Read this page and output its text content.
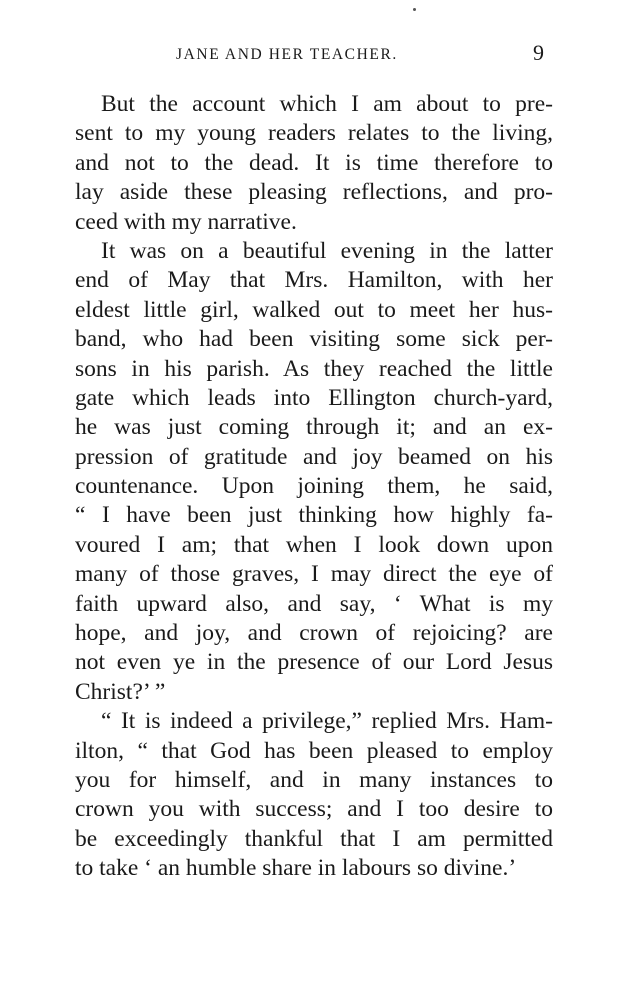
JANE AND HER TEACHER.	9
But the account which I am about to pre-
sent to my young readers relates to the living,
and not to the dead. It is time therefore to
lay aside these pleasing reflections, and pro-
ceed with my narrative.
It was on a beautiful evening in the latter
end of May that Mrs. Hamilton, with her
eldest little girl, walked out to meet her hus-
band, who had been visiting some sick per-
sons in his parish. As they reached the little
gate which leads into Ellington church-yard,
he was just coming through it; and an ex-
pression of gratitude and joy beamed on his
countenance. Upon joining them, he said,
“ I have been just thinking how highly fa-
voured I am; that when I look down upon
many of those graves, I may direct the eye of
faith upward also, and say, ‘ What is my
hope, and joy, and crown of rejoicing? are
not even ye in the presence of our Lord Jesus
Christ?’ ”
“ It is indeed a privilege,” replied Mrs. Ham-
ilton, “ that God has been pleased to employ
you for himself, and in many instances to
crown you with success; and I too desire to
be exceedingly thankful that I am permitted
to take ‘ an humble share in labours so divine.’
